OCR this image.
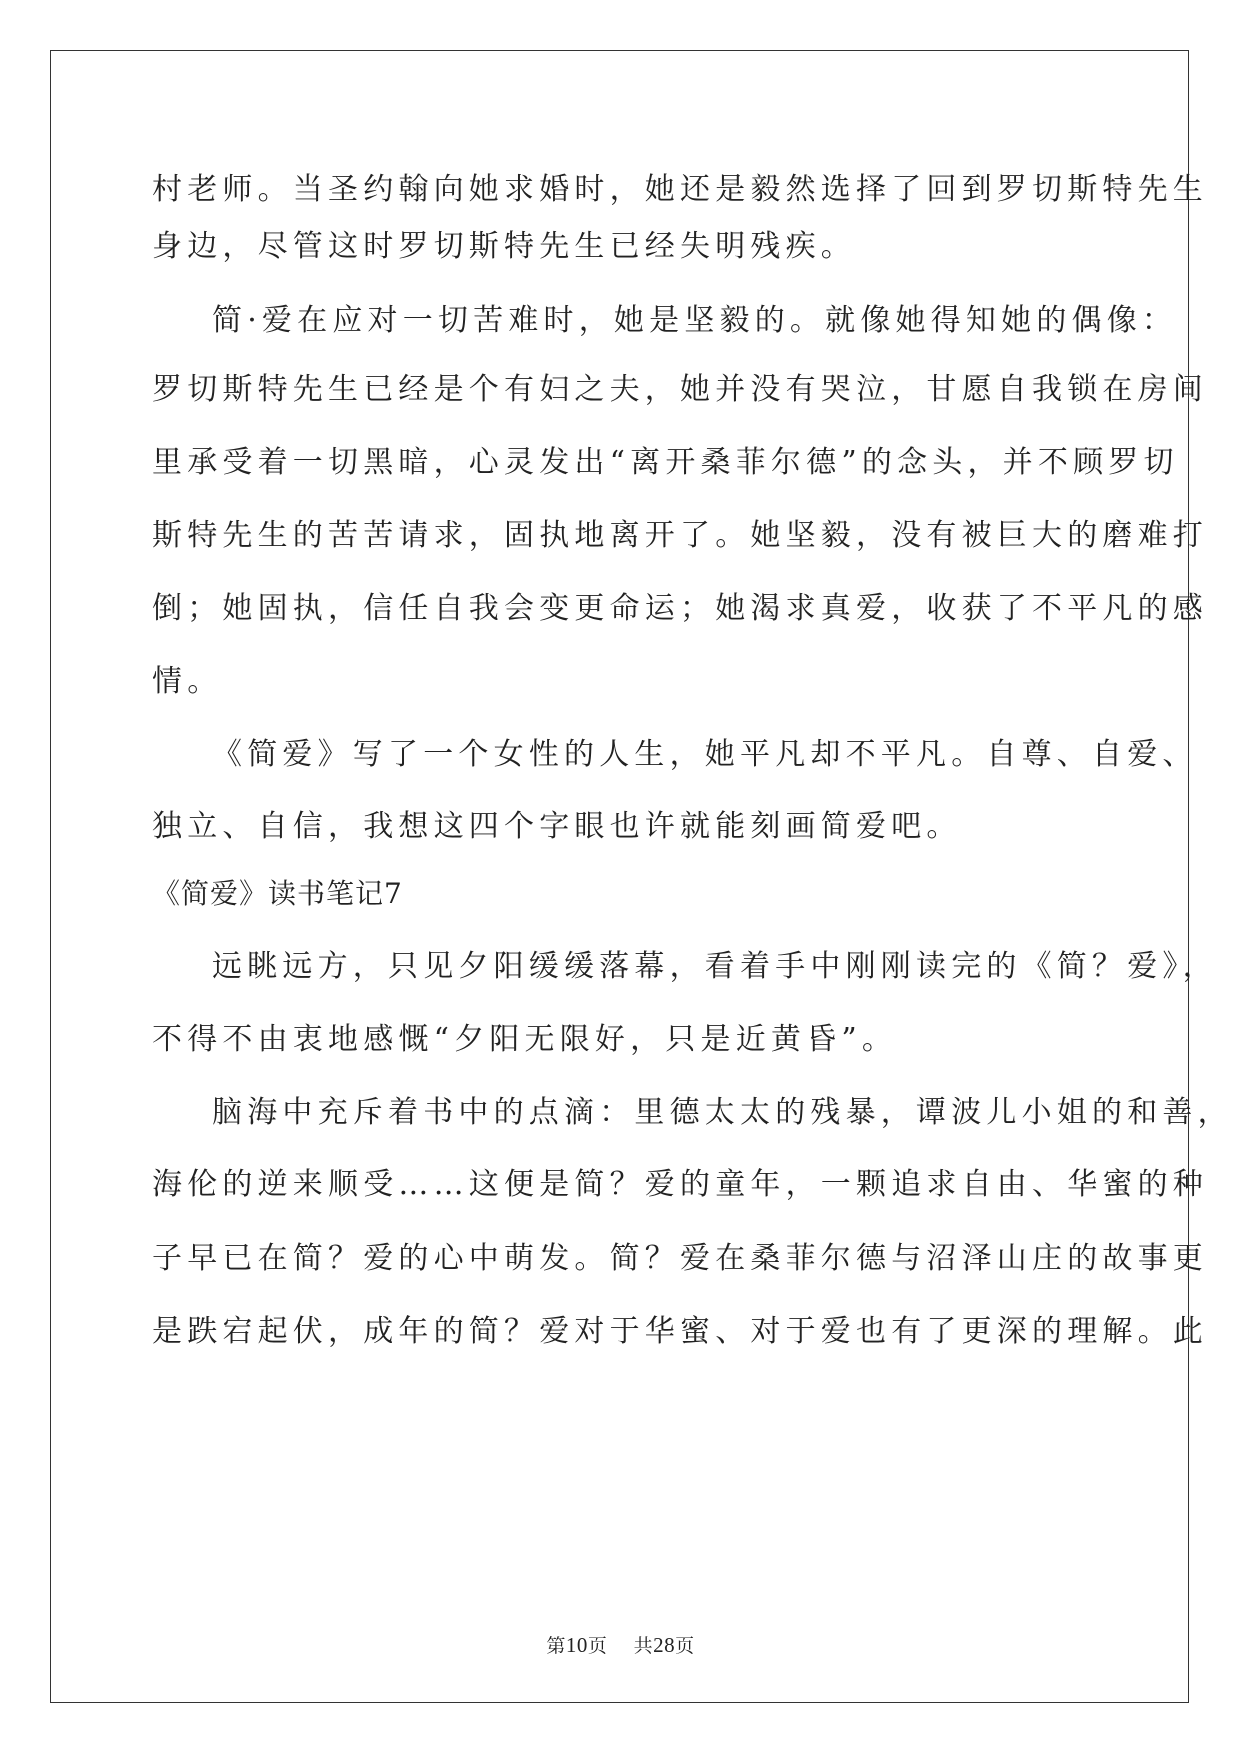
村老师。当圣约翰向她求婚时，她还是毅然选择了回到罗切斯特先生
身边，尽管这时罗切斯特先生已经失明残疾。
简·爱在应对一切苦难时，她是坚毅的。就像她得知她的偶像：
罗切斯特先生已经是个有妇之夫，她并没有哭泣，甘愿自我锁在房间
里承受着一切黑暗，心灵发出“离开桑菲尔德”的念头，并不顾罗切
斯特先生的苦苦请求，固执地离开了。她坚毅，没有被巨大的磨难打
倒；她固执，信任自我会变更命运；她渴求真爱，收获了不平凡的感
情。
《简爱》写了一个女性的人生，她平凡却不平凡。自尊、自爱、
独立、自信，我想这四个字眼也许就能刻画简爱吧。
《简爱》读书笔记7
远眺远方，只见夕阳缓缓落幕，看着手中刚刚读完的《简？爱》，
不得不由衷地感慨“夕阳无限好，只是近黄昏”。
脑海中充斥着书中的点滴：里德太太的残暴，谭波儿小姐的和善，
海伦的逆来顺受……这便是简？爱的童年，一颗追求自由、华蜜的种
子早已在简？爱的心中萌发。简？爱在桑菲尔德与沼泽山庄的故事更
是跌宕起伏，成年的简？爱对于华蜜、对于爱也有了更深的理解。此
第10页 共28页
